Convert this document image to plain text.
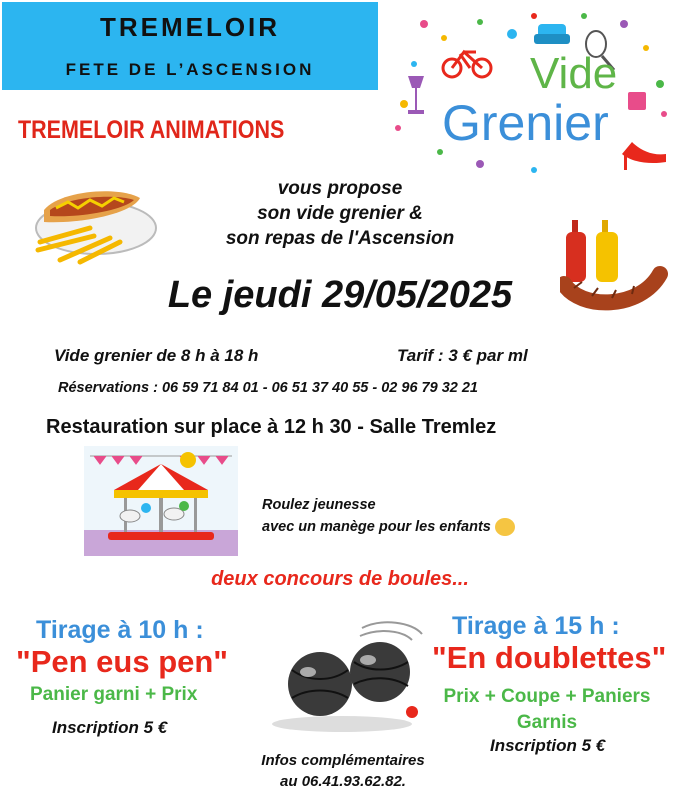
TREMELOIR
FETE DE L’ASCENSION
TREMELOIR ANIMATIONS
Vide
Grenier
vous propose
son vide grenier &
son repas de l'Ascension
Le jeudi 29/05/2025
Vide grenier de 8 h à 18 h	Tarif : 3 € par ml
Réservations : 06 59 71 84 01 - 06 51 37 40 55 - 02 96 79 32 21
Restauration sur place à 12 h 30 - Salle Tremlez
Roulez jeunesse
avec un manège pour les enfants
deux concours de boules...
Tirage à 10 h :
"Pen eus pen"
Panier garni + Prix
Inscription 5 €
Tirage à 15 h :
"En doublettes"
Prix + Coupe + Paniers
Garnis
Inscription 5 €
Infos complémentaires
au 06.41.93.62.82.
